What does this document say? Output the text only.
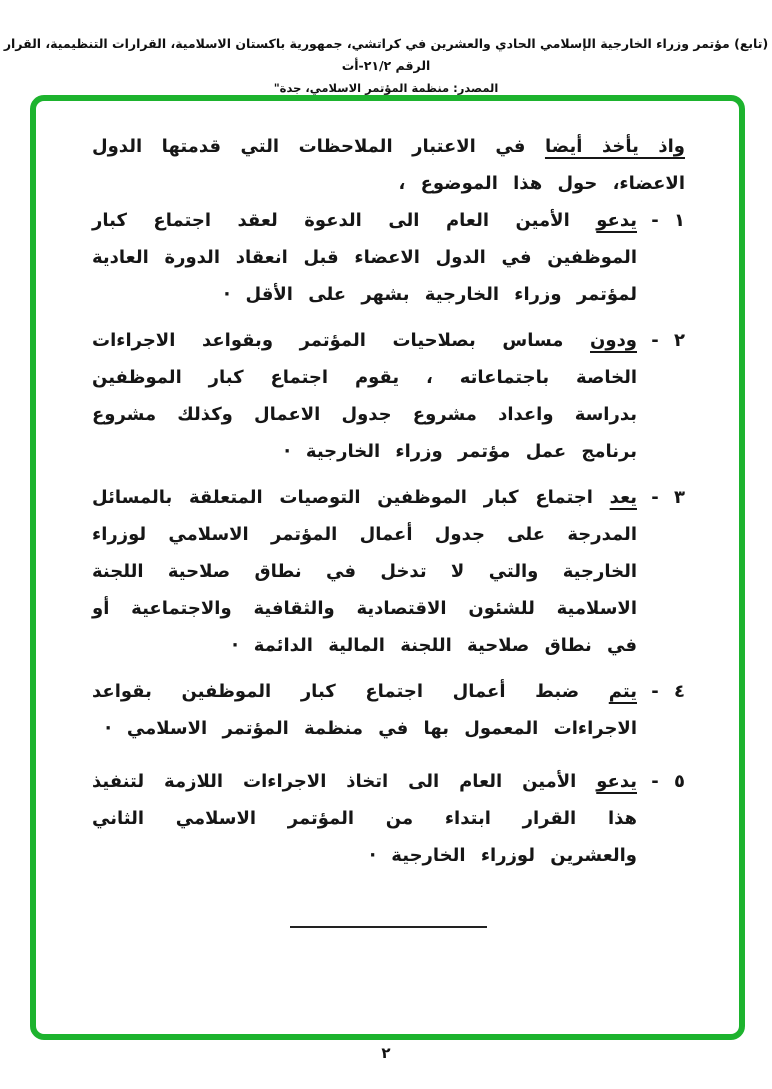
(تابع) مؤتمر وزراء الخارجية الإسلامي الحادي والعشرين في كراتشي، جمهورية باكستان الاسلامية، القرارات التنظيمية، القرار الرقم ٢١/٢-أت
المصدر: منظمة المؤتمر الاسلامي، جدة"

واذ يأخذ أيضا في الاعتبار الملاحظات التي قدمتها الدول الاعضاء، حول هذا الموضوع ،

١ -

يدعو الأمين العام الى الدعوة لعقد اجتماع كبار الموظفين في الدول الاعضاء قبل انعقاد الدورة العادية لمؤتمر وزراء الخارجية بشهر على الأقل ·

٢ -

ودون مساس بصلاحيات المؤتمر وبقواعد الاجراءات الخاصة باجتماعاته ، يقوم اجتماع كبار الموظفين بدراسة واعداد مشروع جدول الاعمال وكذلك مشروع برنامج عمل مؤتمر وزراء الخارجية ·

٣ -

يعد اجتماع كبار الموظفين التوصيات المتعلقة بالمسائل المدرجة على جدول أعمال المؤتمر الاسلامي لوزراء الخارجية والتي لا تدخل في نطاق صلاحية اللجنة الاسلامية للشئون الاقتصادية والثقافية والاجتماعية أو في نطاق صلاحية اللجنة المالية الدائمة ·

٤ -

يتم ضبط أعمال اجتماع كبار الموظفين بقواعد الاجراءات المعمول بها في منظمة المؤتمر الاسلامي ·

٥ -

يدعو الأمين العام الى اتخاذ الاجراءات اللازمة لتنفيذ هذا القرار ابتداء من المؤتمر الاسلامي الثاني والعشرين لوزراء الخارجية ·

٢
